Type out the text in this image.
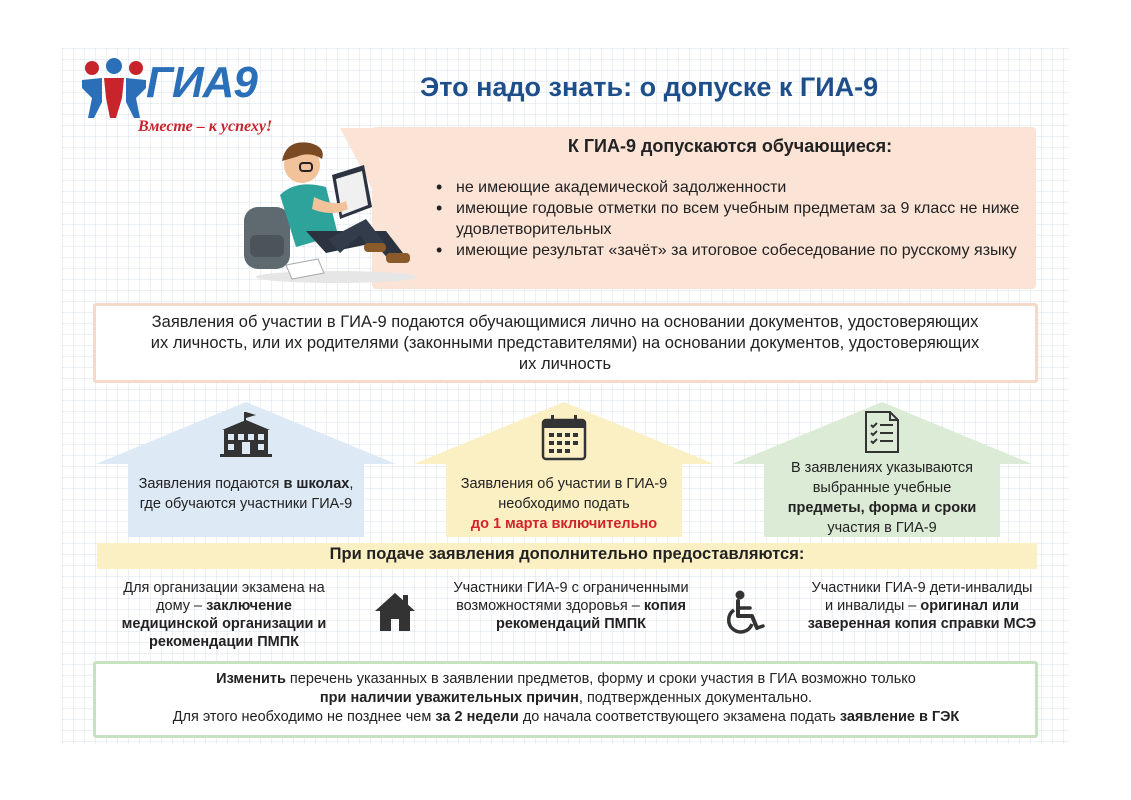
ГИА9
Вместе – к успеху!
Это надо знать: о допуске к ГИА-9
К ГИА-9 допускаются обучающиеся:
• не имеющие академической задолженности
• имеющие годовые отметки по всем учебным предметам за 9 класс не ниже удовлетворительных
• имеющие результат «зачёт» за итоговое собеседование по русскому языку
Заявления об участии в ГИА-9 подаются обучающимися лично на основании документов, удостоверяющих их личность, или их родителями (законными представителями) на основании документов, удостоверяющих их личность
Заявления подаются в школах, где обучаются участники ГИА-9
Заявления об участии в ГИА-9 необходимо подать
до 1 марта включительно
В заявлениях указываются выбранные учебные
предметы, форма и сроки
участия в ГИА-9
При подаче заявления дополнительно предоставляются:
Для организации экзамена на дому – заключение медицинской организации и рекомендации ПМПК
Участники ГИА-9 с ограниченными возможностями здоровья – копия рекомендаций ПМПК
Участники ГИА-9 дети-инвалиды и инвалиды – оригинал или заверенная копия справки МСЭ
Изменить перечень указанных в заявлении предметов, форму и сроки участия в ГИА возможно только
при наличии уважительных причин, подтвержденных документально.
Для этого необходимо не позднее чем за 2 недели до начала соответствующего экзамена подать заявление в ГЭК
